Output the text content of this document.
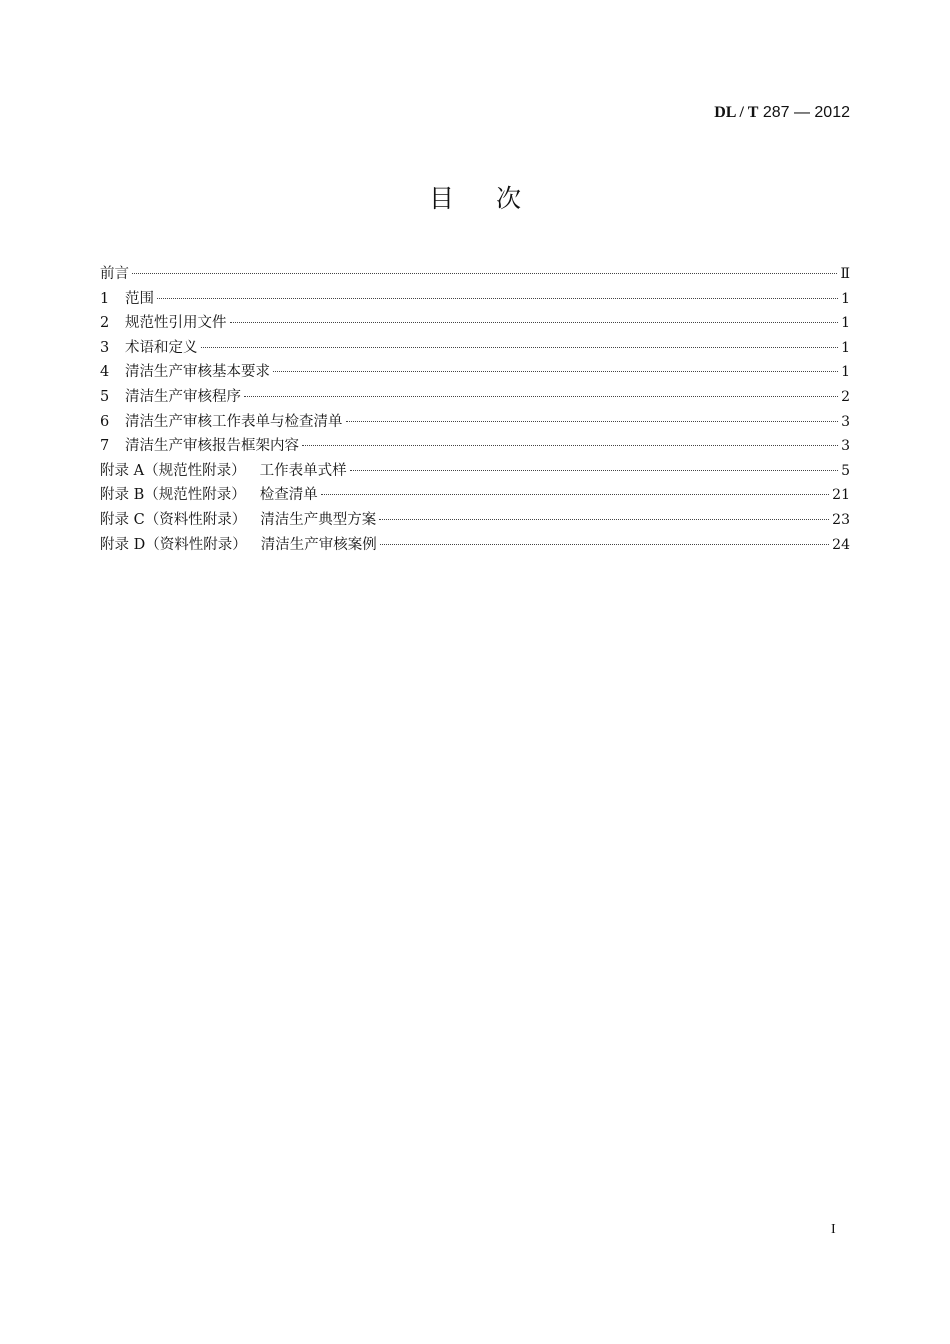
DL / T 287 — 2012
目次
前言	Ⅱ
1	范围	1
2	规范性引用文件	1
3	术语和定义	1
4	清洁生产审核基本要求	1
5	清洁生产审核程序	2
6	清洁生产审核工作表单与检查清单	3
7	清洁生产审核报告框架内容	3
附录 A（规范性附录） 工作表单式样	5
附录 B（规范性附录） 检查清单	21
附录 C（资料性附录） 清洁生产典型方案	23
附录 D（资料性附录） 清洁生产审核案例	24
I
